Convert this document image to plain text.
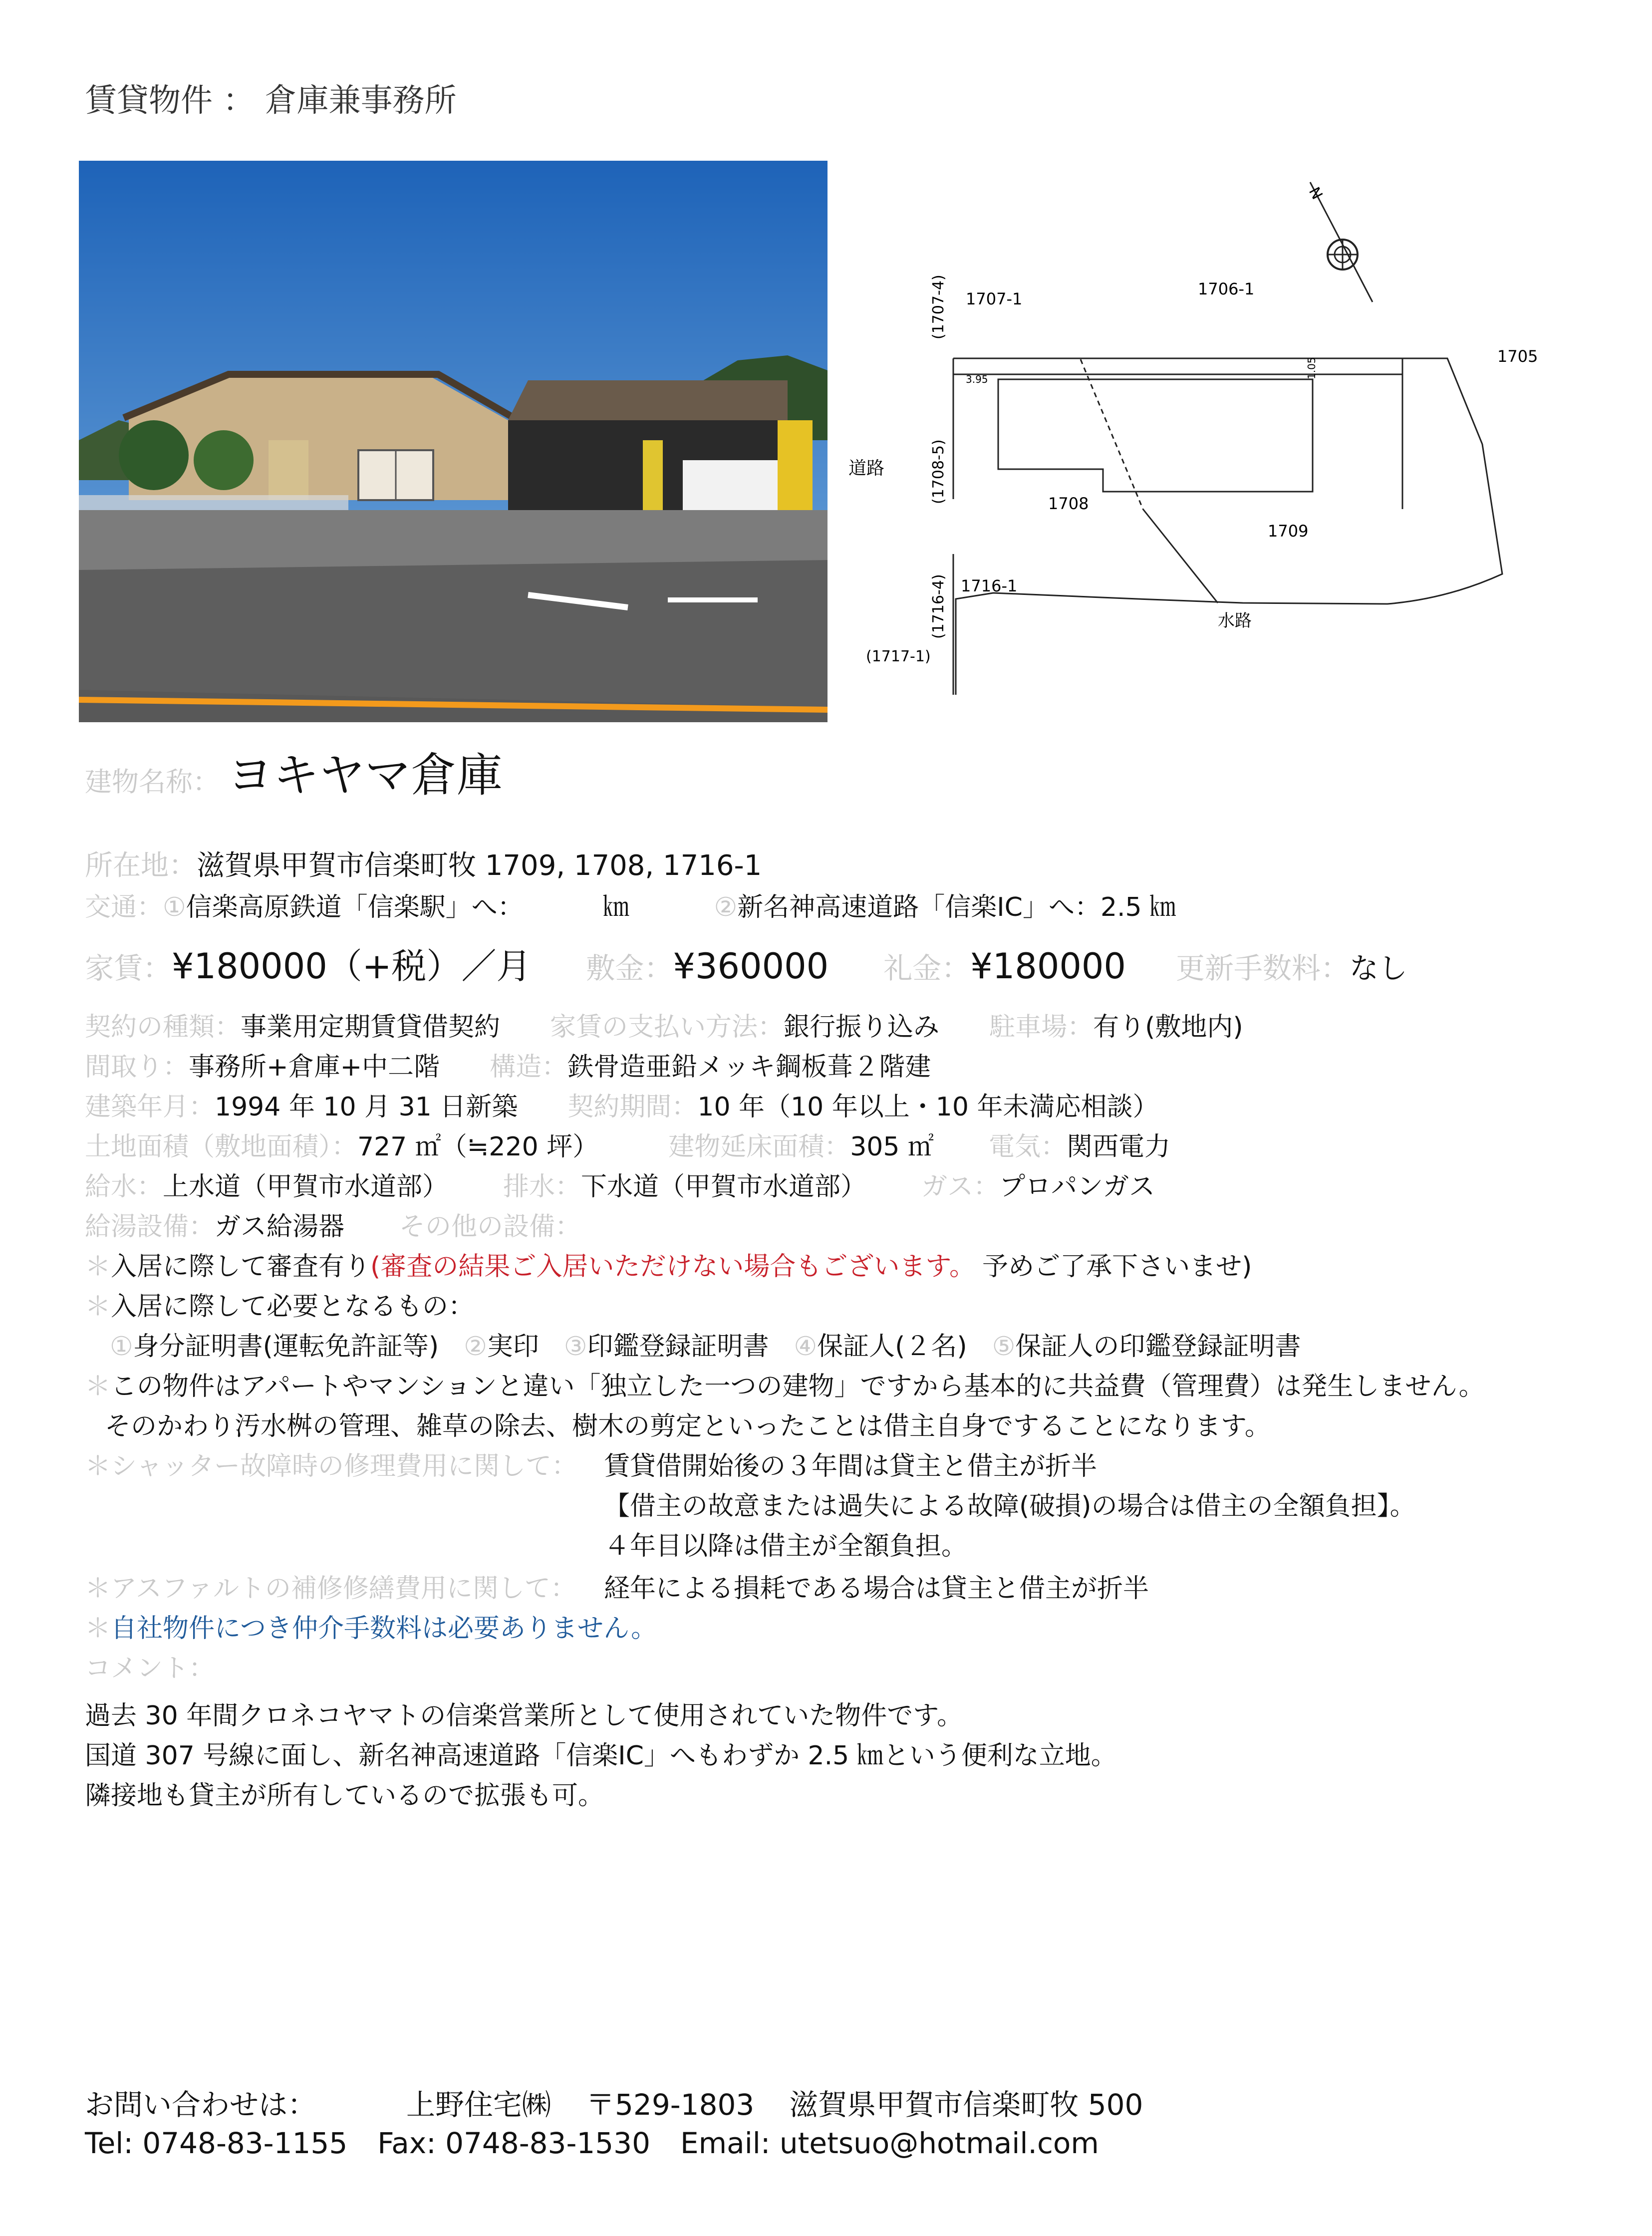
賃貸物件 ： 倉庫兼事務所
N
1707-1
1706-1
1705
1708
1709
1716-1
(1707-4)
(1708-5)
(1716-4)
(1717-1)
道路
水路
3.95	1.05
建物名称： ヨキヤマ倉庫
所在地：滋賀県甲賀市信楽町牧 1709, 1708, 1716-1
交通：①信楽高原鉄道「信楽駅」へ：	㎞	②新名神高速道路「信楽IC」へ：2.5 ㎞
家賃：¥180000（+税）／月 敷金：¥360000 礼金：¥180000 更新手数料：なし
契約の種類：事業用定期賃貸借契約 家賃の支払い方法：銀行振り込み 駐車場：有り(敷地内)
間取り：事務所+倉庫+中二階 構造：鉄骨造亜鉛メッキ鋼板葺２階建
建築年月：1994 年 10 月 31 日新築 契約期間：10 年（10 年以上・10 年未満応相談）
土地面積（敷地面積）：727 ㎡（≒220 坪）	建物延床面積：305 ㎡ 電気：関西電力
給水：上水道（甲賀市水道部） 排水：下水道（甲賀市水道部） ガス：プロパンガス
給湯設備：ガス給湯器 その他の設備：
＊入居に際して審査有り(審査の結果ご入居いただけない場合もございます。 予めご了承下さいませ)
＊入居に際して必要となるもの：
①身分証明書(運転免許証等) ②実印 ③印鑑登録証明書 ④保証人(２名) ⑤保証人の印鑑登録証明書
＊この物件はアパートやマンションと違い「独立した一つの建物」ですから基本的に共益費（管理費）は発生しません。
そのかわり汚水桝の管理、雑草の除去、樹木の剪定といったことは借主自身ですることになります。
＊シャッター故障時の修理費用に関して： 賃貸借開始後の３年間は貸主と借主が折半
【借主の故意または過失による故障(破損)の場合は借主の全額負担】。
４年目以降は借主が全額負担。
＊アスファルトの補修修繕費用に関して： 経年による損耗である場合は貸主と借主が折半
＊自社物件につき仲介手数料は必要ありません。
コメント：
過去 30 年間クロネコヤマトの信楽営業所として使用されていた物件です。
国道 307 号線に面し、新名神高速道路「信楽IC」へもわずか 2.5 ㎞という便利な立地。
隣接地も貸主が所有しているので拡張も可。
お問い合わせは：	上野住宅㈱ 〒529-1803 滋賀県甲賀市信楽町牧 500
Tel: 0748-83-1155 Fax: 0748-83-1530 Email: utetsuo@hotmail.com
